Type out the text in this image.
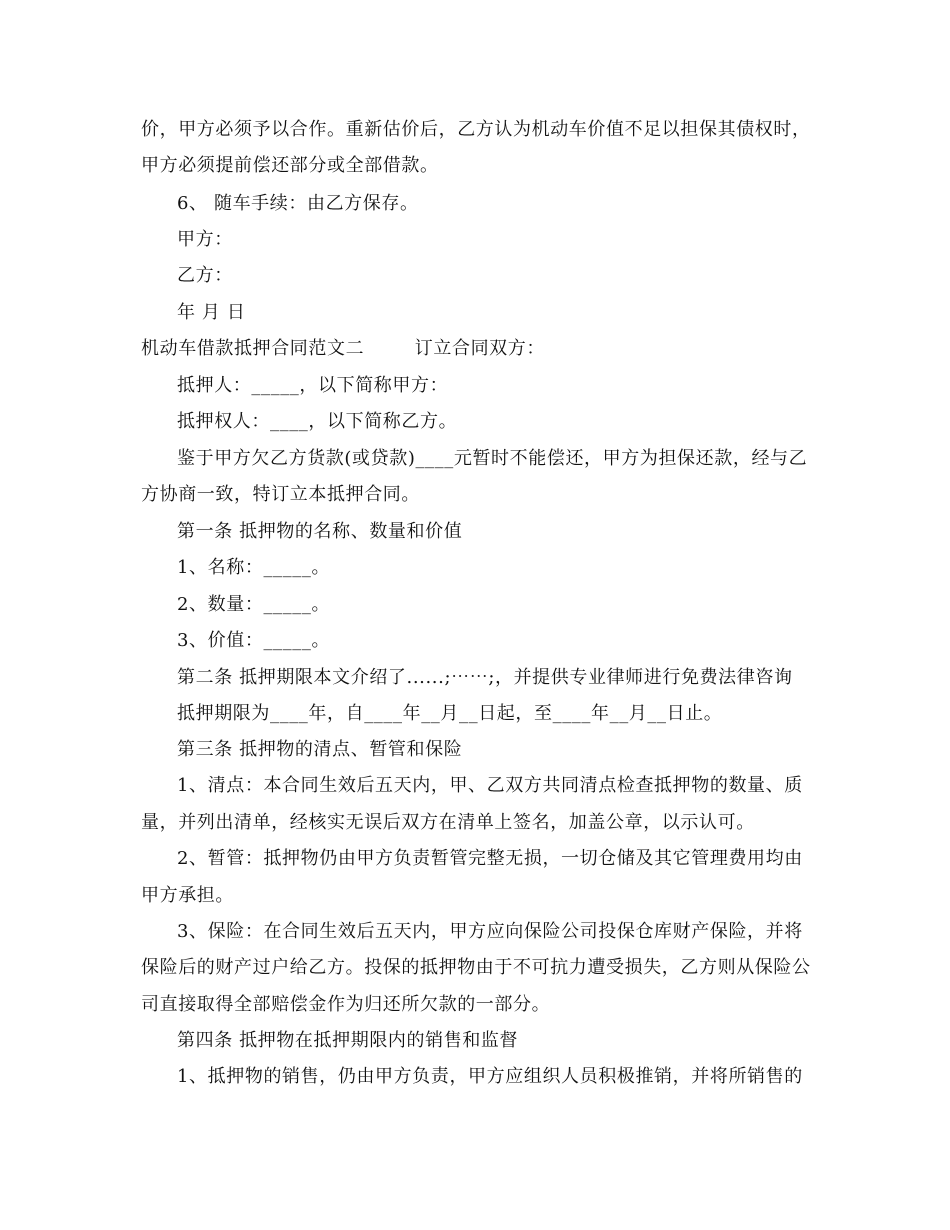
价，甲方必须予以合作。重新估价后，乙方认为机动车价值不足以担保其债权时，
甲方必须提前偿还部分或全部借款。
6、 随车手续：由乙方保存。
甲方：
乙方：
年 月 日
机动车借款抵押合同范文二        订立合同双方：
抵押人：_____，以下简称甲方：
抵押权人：____，以下简称乙方。
鉴于甲方欠乙方货款(或贷款)____元暂时不能偿还，甲方为担保还款，经与乙
方协商一致，特订立本抵押合同。
第一条 抵押物的名称、数量和价值
1、名称：_____。
2、数量：_____。
3、价值：_____。
第二条 抵押期限本文介绍了......;⋯⋯;，并提供专业律师进行免费法律咨询
抵押期限为____年，自____年__月__日起，至____年__月__日止。
第三条 抵押物的清点、暂管和保险
1、清点：本合同生效后五天内，甲、乙双方共同清点检查抵押物的数量、质
量，并列出清单，经核实无误后双方在清单上签名，加盖公章，以示认可。
2、暂管：抵押物仍由甲方负责暂管完整无损，一切仓储及其它管理费用均由
甲方承担。
3、保险：在合同生效后五天内，甲方应向保险公司投保仓库财产保险，并将
保险后的财产过户给乙方。投保的抵押物由于不可抗力遭受损失，乙方则从保险公
司直接取得全部赔偿金作为归还所欠款的一部分。
第四条 抵押物在抵押期限内的销售和监督
1、抵押物的销售，仍由甲方负责，甲方应组织人员积极推销，并将所销售的
